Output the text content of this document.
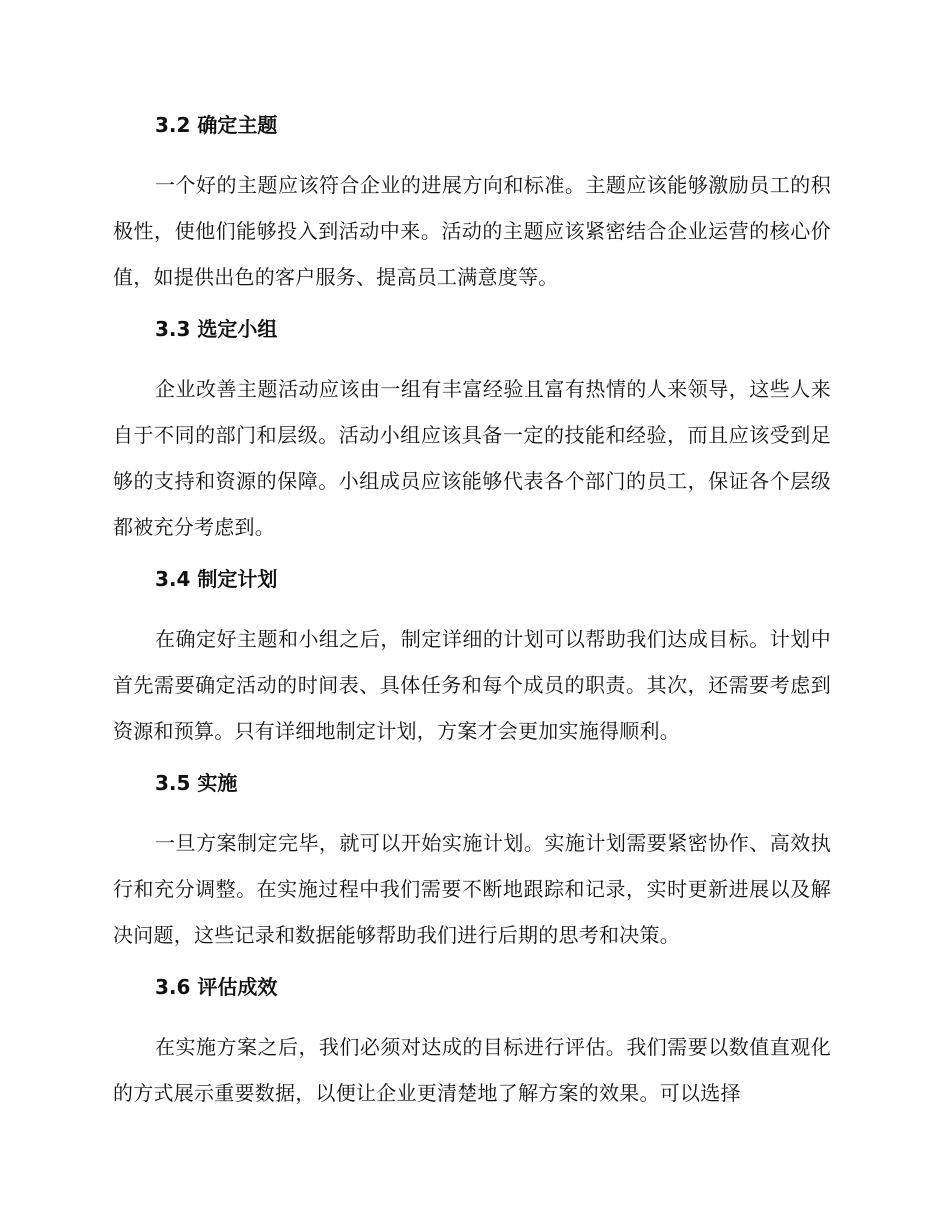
3.2 确定主题

一个好的主题应该符合企业的进展方向和标准。主题应该能够激励员工的积极性，使他们能够投入到活动中来。活动的主题应该紧密结合企业运营的核心价值，如提供出色的客户服务、提高员工满意度等。

3.3 选定小组

企业改善主题活动应该由一组有丰富经验且富有热情的人来领导，这些人来自于不同的部门和层级。活动小组应该具备一定的技能和经验，而且应该受到足够的支持和资源的保障。小组成员应该能够代表各个部门的员工，保证各个层级都被充分考虑到。

3.4 制定计划

在确定好主题和小组之后，制定详细的计划可以帮助我们达成目标。计划中首先需要确定活动的时间表、具体任务和每个成员的职责。其次，还需要考虑到资源和预算。只有详细地制定计划，方案才会更加实施得顺利。

3.5 实施

一旦方案制定完毕，就可以开始实施计划。实施计划需要紧密协作、高效执行和充分调整。在实施过程中我们需要不断地跟踪和记录，实时更新进展以及解决问题，这些记录和数据能够帮助我们进行后期的思考和决策。

3.6 评估成效

在实施方案之后，我们必须对达成的目标进行评估。我们需要以数值直观化的方式展示重要数据，以便让企业更清楚地了解方案的效果。可以选择
